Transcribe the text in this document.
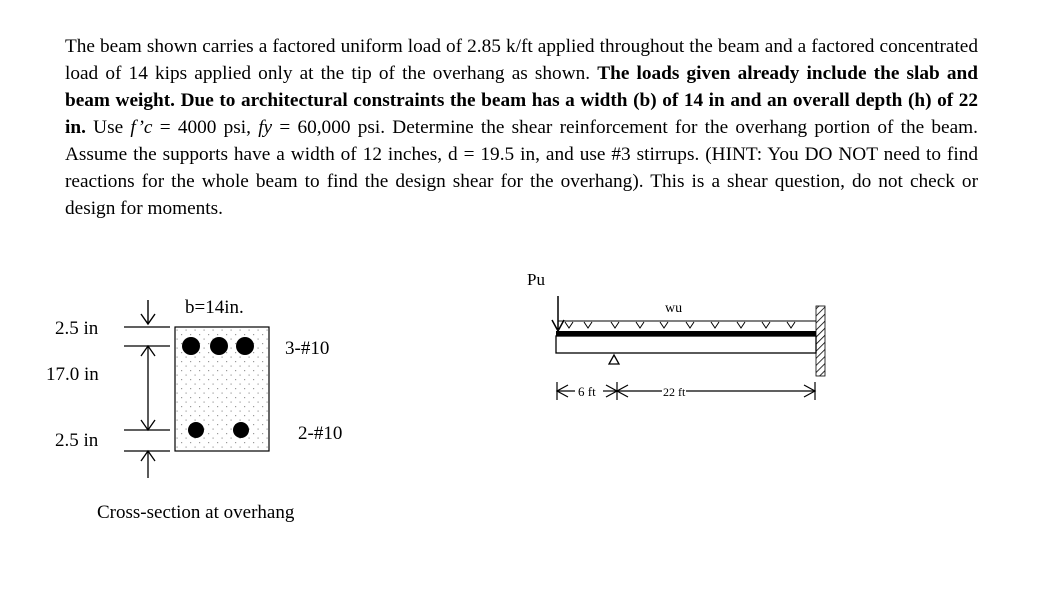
The beam shown carries a factored uniform load of 2.85 k/ft applied throughout the beam and a factored concentrated load of 14 kips applied only at the tip of the overhang as shown. The loads given already include the slab and beam weight. Due to architectural constraints the beam has a width (b) of 14 in and an overall depth (h) of 22 in. Use f’c = 4000 psi, fy = 60,000 psi. Determine the shear reinforcement for the overhang portion of the beam. Assume the supports have a width of 12 inches, d = 19.5 in, and use #3 stirrups. (HINT: You DO NOT need to find reactions for the whole beam to find the design shear for the overhang). This is a shear question, do not check or design for moments.

b=14in.
2.5 in
17.0 in
2.5 in
3-#10
2-#10
Cross-section at overhang
Pu
wu
6 ft	22 ft
